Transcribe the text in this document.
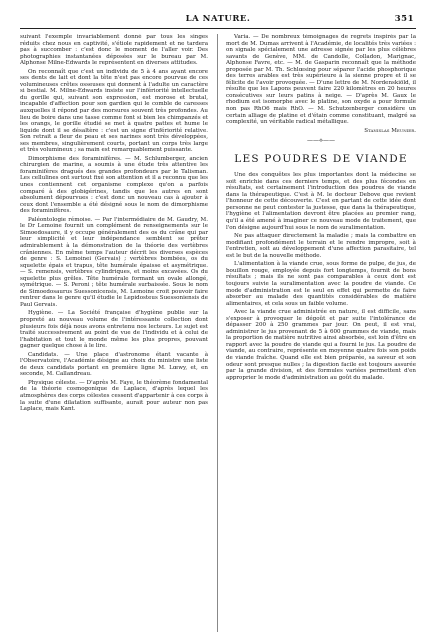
LA NATURE.	351

suivant l'exemple invariablement donné par tous les singes réduits chez nous en captivité, s'étiole rapidement et ne tardera pas à succomber : c'est donc le moment de l'aller voir. Des photographies instantanées déposées sur le bureau par M. Alphonse Milne-Edwards le représentent en diverses attitudes.

On reconnaît que c'est un individu de 5 à 4 ans ayant encore ses dents de lait et dont la tête n'est pas encore pourvue de ces volumineuses crêtes osseuses qui donnent à l'adulte un caractère si bestial. M. Milne-Edwards insiste sur l'infériorité intellectuelle du gorille qui, suivant son expression, est morose et brutal, incapable d'affection pour son gardien qui le comble de caresses auxquelles il répond par des morsures souvent très profondes. Au lieu de boire dans une tasse comme font si bien les chimpanzés et les orangs, le gorille étudié se met à quatre pattes et hume le liquide dont il se désaltère : c'est un signe d'infériorité relative. Son retrait a fleur de peau et ses narines sont très développées, ses membres, singulièrement courts, portant un corps très large et très volumineux ; sa main est remarquablement puissante.

Dimorphisme des foraminifères. — M. Schlumberger, ancien chirurgien de marine, a soumis à une étude très attentive les foraminifères dragués des grandes profondeurs par le Talisman. Les cellulines ont surtout fixé son attention et il a reconnu que les unes contiennent cet organisme complexe qu'on a parfois comparé à des globigérines, tandis que les autres en sont absolument dépourvues : c'est donc un nouveau cas à ajouter à ceux dont l'ensemble a été désigné sous le nom de dimorphisme des foraminifères.

Paléontologie rémoise. — Par l'intermédiaire de M. Gaudry, M. le Dr Lemoine fournit un complément de renseignements sur le Simoedosaure, il y occupe généralement des os du crâne qui par leur simplicité et leur indépendance semblent se prêter admirablement à la démonstration de la théorie des vertèbres crâniennes. En même temps l'auteur décrit les diverses espèces de genre : S. Lemoinei (Gervais) ; vertèbres bombées, os du squelette épais et trapus, tête humérale épaisse et asymétrique. — S. remensis, vertèbres cylindriques, et moins excavées. Os du squelette plus grêles. Tête humérale formant un ovale allongé, symétrique. — S. Peroni ; tête humérale surbaissée. Sous le nom de Simoedosaurus Suessonicensis, M. Lemoine croit pouvoir faire rentrer dans le genre qu'il étudie le Lepidosteus Suessoniensis de Paul Gervais.

Hygiène. — La Société française d'hygiène publie sur la propreté au nouveau volume de l'intéressante collection dont plusieurs fois déjà nous avons entretenu nos lecteurs. Le sujet est traité successivement au point de vue de l'individu et à celui de l'habitation et tout le monde même les plus propres, pouvant gagner quelque chose à le lire.

Candidats. — Une place d'astronome étant vacante à l'Observatoire, l'Académie désigne au choix du ministre une liste de deux candidats portant en première ligne M. Lœwy, et, en seconde, M. Callandreau.

Physique céleste. — D'après M. Faye, le théorème fondamental de la théorie cosmogonique de Laplace, d'après lequel les atmosphères des corps célestes cessent d'appartenir à ces corps à la suite d'une dilatation suffisante, aurait pour auteur non pas Laplace, mais Kant.

Varia. — De nombreux témoignages de regrets inspirés par la mort de M. Dumas arrivent à l'Académie, de localités très variées : on signale spécialement une adresse signée par les plus célèbres savants de Genève, MM. de Candolle, Colladon, Marignac, Alphonse Favre, etc. — M. de Gasparin reconnaît que la méthode proposée par M. Th. Schlœsing pour séparer l'acide phosphorique des terres arables est très supérieure à la sienne propre et il se félicite de l'avoir provoquée. — D'une lettre de M. Nordenskiöld, il résulte que les Lapons peuvent faire 220 kilomètres en 20 heures consécutives sur leurs patins à neige. — D'après M. Gaux le rhodium est isomorphe avec le platine, son oxyde a pour formule non pas RhO6 mais RhO. — M. Schutzenberger considère un certain alliage de platine et d'étain comme constituant, malgré sa complexité, un véritable radical métallique.

Stanislas Meunier.
——⟡——
LES POUDRES DE VIANDE

Une des conquêtes les plus importantes dont la médecine se soit enrichie dans ces derniers temps, et des plus fécondes en résultats, est certainement l'introduction des poudres de viande dans la thérapeutique. C'est à M. le docteur Debove que revient l'honneur de cette découverte. C'est en partant de cette idée dont personne ne peut contester la justesse, que dans la thérapeutique, l'hygiène et l'alimentation devront être placées au premier rang, qu'il a été amené à imaginer ce nouveau mode de traitement, que l'on désigne aujourd'hui sous le nom de suralimentation.

Ne pas attaquer directement la maladie ; mais la combattre en modifiant profondément le terrain et le rendre impropre, soit à l'entretien, soit au développement d'une affection parasitaire, tel est le but de la nouvelle méthode.

L'alimentation à la viande crue, sous forme de pulpe, de jus, de bouillon rouge, employée depuis fort longtemps, fournit de bons résultats ; mais ils ne sont pas comparables à ceux dont est toujours suivie la suralimentation avec la poudre de viande. Ce mode d'administration est le seul en effet qui permette de faire absorber au malade des quantités considérables de matière alimentaires, et cela sous un faible volume.

Avec la viande crue administrée en nature, il est difficile, sans s'exposer à provoquer le dégoût et par suite l'intolérance de dépasser 200 à 250 grammes par jour. On peut, il est vrai, administrer le jus provenant de 5 à 600 grammes de viande, mais la proportion de matière nutritive ainsi absorbée, est loin d'être en rapport avec la poudre de viande qui a fourni le jus. La poudre de viande, au contraire, représente en moyenne quatre fois son poids de viande fraîche. Quand elle est bien préparée, sa saveur et son odeur sont presque nulles ; la digestion facile est toujours assurée par la grande division, et des formules variées permettent d'en approprier le mode d'administration au goût du malade.
